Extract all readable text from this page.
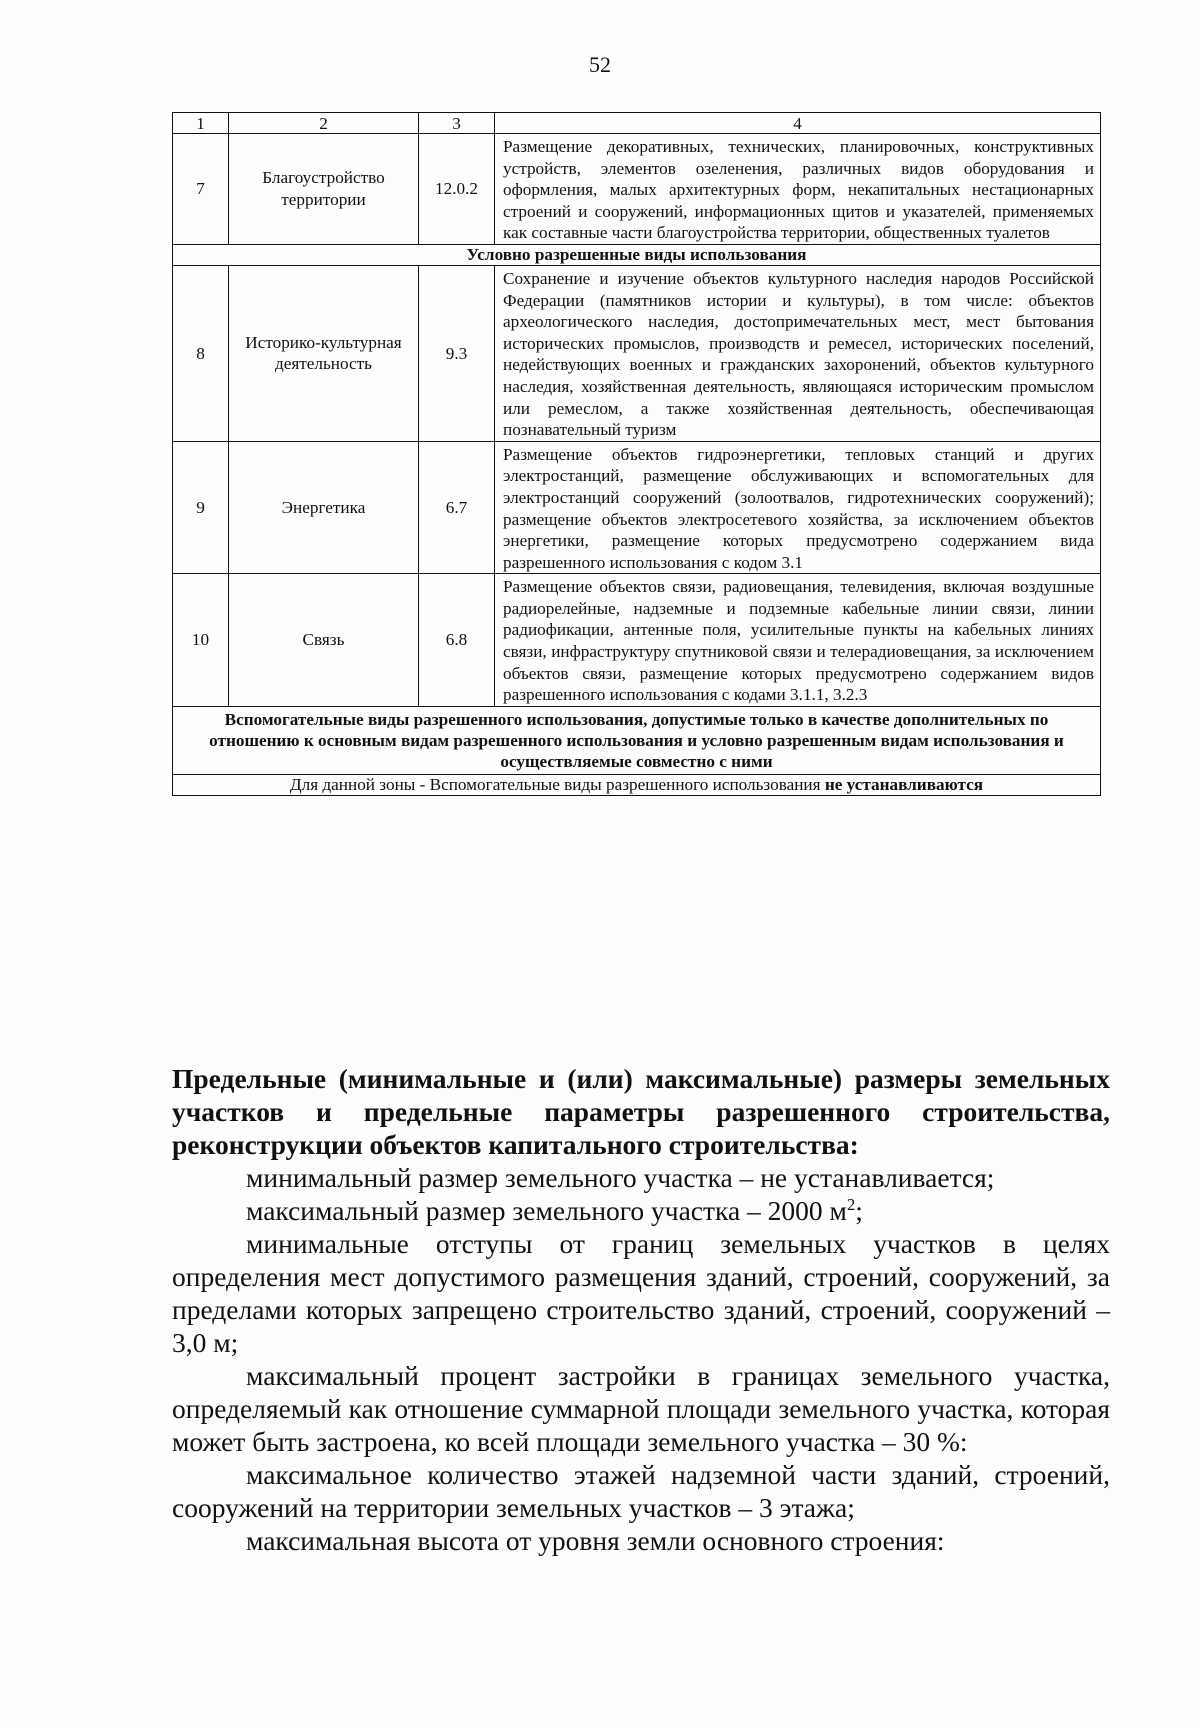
52
1	2	3	4
7	Благоустройство территории	12.0.2	Размещение декоративных, технических, планировочных, конструктивных устройств, элементов озеленения, различных видов оборудования и оформления, малых архитектурных форм, некапитальных нестационарных строений и сооружений, информационных щитов и указателей, применяемых как составные части благоустройства территории, общественных туалетов
Условно разрешенные виды использования			
8	Историко-культурная деятельность	9.3	Сохранение и изучение объектов культурного наследия народов Российской Федерации (памятников истории и культуры), в том числе: объектов археологического наследия, достопримечательных мест, мест бытования исторических промыслов, производств и ремесел, исторических поселений, недействующих военных и гражданских захоронений, объектов культурного наследия, хозяйственная деятельность, являющаяся историческим промыслом или ремеслом, а также хозяйственная деятельность, обеспечивающая познавательный туризм
9	Энергетика	6.7	Размещение объектов гидроэнергетики, тепловых станций и других электростанций, размещение обслуживающих и вспомогательных для электростанций сооружений (золоотвалов, гидротехнических сооружений); размещение объектов электросетевого хозяйства, за исключением объектов энергетики, размещение которых предусмотрено содержанием вида разрешенного использования с кодом 3.1
10	Связь	6.8	Размещение объектов связи, радиовещания, телевидения, включая воздушные радиорелейные, надземные и подземные кабельные линии связи, линии радиофикации, антенные поля, усилительные пункты на кабельных линиях связи, инфраструктуру спутниковой связи и телерадиовещания, за исключением объектов связи, размещение которых предусмотрено содержанием видов разрешенного использования с кодами 3.1.1, 3.2.3
Вспомогательные виды разрешенного использования, допустимые только в качестве дополнительных по отношению к основным видам разрешенного использования и условно разрешенным видам использования и осуществляемые совместно с ними			
Для данной зоны - Вспомогательные виды разрешенного использования не устанавливаются			
Предельные (минимальные и (или) максимальные) размеры земельных участков и предельные параметры разрешенного строительства, реконструкции объектов капитального строительства:

минимальный размер земельного участка – не устанавливается;

максимальный размер земельного участка – 2000 $м^2$;

минимальные отступы от границ земельных участков в целях определения мест допустимого размещения зданий, строений, сооружений, за пределами которых запрещено строительство зданий, строений, сооружений – 3,0 м;

максимальный процент застройки в границах земельного участка, определяемый как отношение суммарной площади земельного участка, которая может быть застроена, ко всей площади земельного участка – 30 %:

максимальное количество этажей надземной части зданий, строений, сооружений на территории земельных участков – 3 этажа;

максимальная высота от уровня земли основного строения:
